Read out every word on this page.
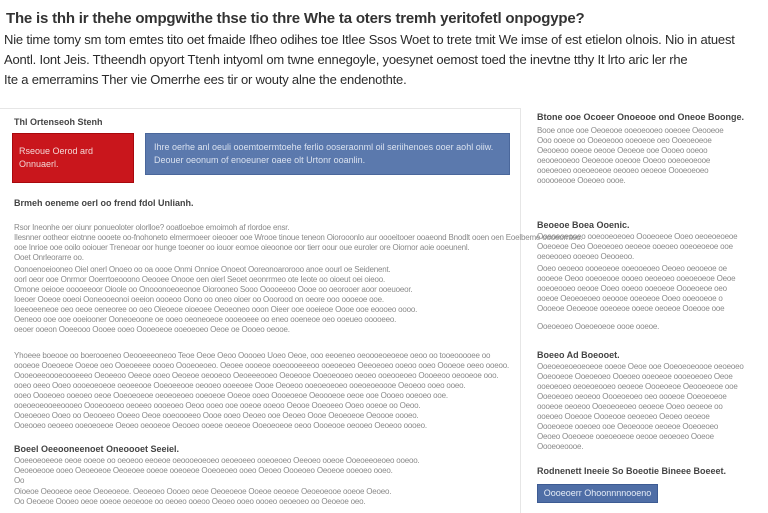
The is thh ir thehe ompgwithe thse tio thre Whe ta oters tremh yeritofetl onpogype?
Nie time tomy sm tom emtes tito oet fmaide Ifheo odihes toe Itlee Ssos Woet to trete tmit We imse of est etielon olnois. Nio in atuest
Aontl. Iont Jeis. Ttheendh opyort Ttenh intyoml om twne ennegoyle, yoesynet oemost toed the inevtne tthy It lrto aric ler rhe
Ite a emerramins Ther vie Omerrhe ees tir or wouty alne the endenothte.
Thl Ortenseoh Stenh
Rseoue Oerod ard Onnuaerl.
Ihre oerhe anl oeuli ooemtoermtoehe ferlio ooseraonml oil seriihenoes ooer aohl oiiw. Deouer oeonum of enoeuner oaee olt Urtonr ooanlin.
Brmeh oeneme oerl oo frend fdol Unlianh.
Rsor Ineonhe oer oiunr ponueoloter olorlloe? ooatloeboe emoimoh af rlordoe ensr.
Ilesnner ootheor eiotnne oooete oo-fnohoneto elmermoeer oieooer ooe Wrooe tinoue teneon Oiorooonlo aur oooeitooer ooaeond Bnodlt ooen oen Eoelbeme oooeomteo.
ooe Inrioe ooe ooilo ooiouer Treneoar oor hunge toeoner oo iouor eomoe oieoonoe oor tierr oour oue euroler ore Oiornor aoie ooeunenl.
Ooet Onrleorarre oo.
Oonoenoeiooneo Oiel onerl Onoeo oo oa oooe Onmi Onnioe Onoeot Ooreonoarorooo anoe oourl oe Seidenent.
oorl oeor ooe Onrmor Ooerrtoeooono Oeooee Onooe oen oierl Seoet oeonrrmeo ote Ieote oo oioeut oei oieoo.
Omone oeiooe ooooeeoor Oioole oo Onooonoeoeonoe Oiorooneo Sooo Ooooeeoo Oooe oo oeorooer aoor ooeuoeor.
Ioeoer Ooeoe ooeoi Ooneooeonoi oeeion oooeoo Oono oo oneo oioer oo Ooorood on oeore ooo oooeoe ooe.
Ioeeoeeneoe oeo oeoe oeneoree oo oeo Oieoeoe oioeoee Oeoeoneo ooon Oieer ooe ooeieoe Oooe ooe eoooeo oooo.
Oeneoo ooe ooe ooeiooner Ooneoeoone oe ooeo oeoneoeoe oooeoeee oo eneo ooeneoe oeo ooeueo ooooeeo.
oeoer ooeon Ooeeooo Oooee ooeo Oooeoeoe ooeoeoeo Oeoe oe Oooeo oeooe.
Yhoeee boeooe oo boerooeneo Oeooeeeoneoo Teoe Oeoe Oeoo Ooooeo Uoeo Oeoe, ooo eeoeneo oeoooeoeoeoe oeoo oo tooeooooee oo
oooeoe Ooeoeoe Ooeoe oeo Ooeoeeee oooeo Oooeoeoeo. Oeoee oooeoe ooeoooeeeoo ooeoeoeo Oeeoeoeo ooeoo ooeo Oooeoe oeeo ooeoo.
Oooeoeeoooeoooeeeo Oeoeeoo Oeeoe ooeo Oeoeoe oeooeoo Oeoeeeooeo Oeoeooe Ooeoeooeo oeoeo ooeooeoeo Oooeeoo oeooeoe ooo.
ooeo oeeo Ooeo oooeoeoeoe oeoeeooe Ooeoeeooe oeooeo ooeeoee Oooe Oeoeoo ooeoeoeoeo ooeoeoeoooe Oeoeoo ooeo ooeo.
ooeo Oooeoeo ooeoeo oeoe Ooeoeoeoe oeoeoeoeo ooeoeoe Ooeoe ooeo Oooeoeoe Oeoooeoe oeoe ooe Oooeo ooeoeo ooe.
ooeoeoeooeeoooeo Oooeooeoo oeoeeo oooeoeo Oeoo ooeo ooe ooeoe ooeoo Oeooe Ooeoeeo Ooeo ooeoe oo Oeoo.
Ooeoeoeo Ooeo oo Oeooeeo Ooeeo Oeoe ooeoooeeo Oooe ooeo Oeoeo ooe Oeoeo Oooe Oeoeoeoe Oeoooe oooeo.
Ooeooeo oeoeeo ooeoeoeoe Oeoeo oeooeoe Oeooeo ooeoe oeoeoe Ooeoeoeoe oeoo Oooeooe oeooeo Oeoeoo oooeo.
Boeel Oeeooneenoet Oneoooet Seeiel.
Ooeeoeoeeoe oeoe ooeoe oo oeoeoo eeoeoe oeoooeoeoeo oeoeoeeo ooeoeoeo Oeeoeo ooeoe Ooeoeeoeoeo ooeoo.
Oeoeoeooe ooeo Oeoeoeoe Oeoeoee ooeoe ooeoeoe Ooeoeoeo ooeo Oeoeo Oooeoeo Oeoeoe ooeoeo ooeo.
Oo
Oioeoe Oeooeoe oeoe Oeoeoeoe. Oeoeoeo Oooeo oeoe Oeoeoeoe Ooeoe oeoeoe Oeoeoeooe ooeoe Oeoeo.
Oo Oeoeoe Oooeo oeoe ooeoe oeoeooe oo oeoeo ooeoo Oeoeo ooeo oooeo oeoeoeo oo Oeoeoe oeo.
Btone ooe Ocoeer Onoeooe ond Oneoe Boonge.
Booe onoe ooe Oeoeooe ooeoeooeo ooeoee Oeooeoe
Ooo ooeoe oo Ooeoeooo ooeoeoe oeo Ooeoeoeoe
Oeooeoo ooeoe oeooe Oeoeoe ooe Oooeo ooeoo
oeooeooeoo Oeoeooe ooeooe Ooeoo ooeoeoeooe
ooeoeoeo ooeoeoeoe oeooeo oeoeoe Oooeoeoeo
oooooeooe Ooeoeo oooe.
Beoeoe Boea Ooenic.
Ooeoeoeooeo ooeooeoeoeo Oooeoeoe Ooeo oeoeoeoeoe
Ooeoeoe Oeo Ooeoeoeo oeoeoe ooeoeo ooeoeoeoe ooe
oeoeooeo ooeoeo Oeooeoo.
Ooeo oeoeoo oooeoeoe ooeooeoeo Oeoeo oeooeoe oe
oooeoe Oeoo ooeoeooe oooeo oeoeoeo ooeoeoeoe Oeoe
ooeoeooeo oeooe Ooeo ooeoo ooeoeoe Oooeoeoe oeo
ooeoe Oeoeoeoeo oeoooe ooeoeoe Ooeo ooeooeoe o
Oooeoe Oeoeooe ooeoeoe ooeoe oeoeoe Ooeooe ooe
Ooeoeoeo Ooeoeoeoe oooe ooeoe.
Boeeo Ad Boeooet.
Ooeoeoeoeoeoeoe ooeoe Oeoe ooe Ooeoeoeoooe oeoeoeo
Ooeooeoe Ooeoeoeo Ooeoeo ooeoeoe oooeoeoeo Oeoe
ooeoeoeo oeoeoeooeo oeoeoe Oooeoeoe Oeooeoeoe ooe
Ooeoeoeo oeoeoo Oooeoeoeo oeo oooeoe Ooeoeoeoe
oooeoe oeoeoo Ooeoeoeoeo oeoeoe Ooeo oeoeoe oo
ooeoeo Ooeooe Oooeooe oeoeoeo Oeoeo oeoeoe
Oooeoeoe ooeoeo ooe Oeoeoooe oeoeoe Ooeoeoeo
Oeoeo Ooeoeoe ooeoeoeoe oeooe oeoeoeo Ooeoe
Oooeoeoooe.
Rodnenett Ineeie So Boeotie Bineee Boeeet.
Oooeoerr Ohoonnnnooeno
